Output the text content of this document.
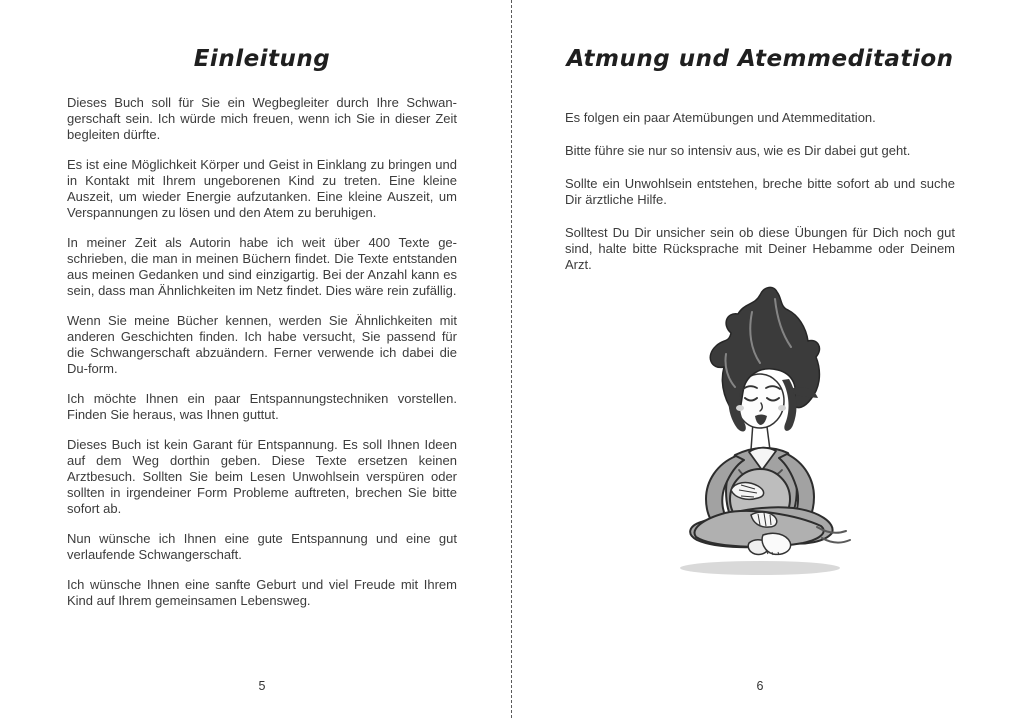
Einleitung

Dieses Buch soll für Sie ein Wegbegleiter durch Ihre Schwangerschaft sein. Ich würde mich freuen, wenn ich Sie in dieser Zeit begleiten dürfte.

Es ist eine Möglichkeit Körper und Geist in Einklang zu bringen und in Kontakt mit Ihrem ungeborenen Kind zu treten. Eine kleine Auszeit, um wieder Energie aufzutanken. Eine kleine Auszeit, um Verspannungen zu lösen und den Atem zu beruhigen.

In meiner Zeit als Autorin habe ich weit über 400 Texte geschrieben, die man in meinen Büchern findet. Die Texte entstanden aus meinen Gedanken und sind einzigartig. Bei der Anzahl kann es sein, dass man Ähnlichkeiten im Netz findet. Dies wäre rein zufällig.

Wenn Sie meine Bücher kennen, werden Sie Ähnlichkeiten mit anderen Geschichten finden. Ich habe versucht, Sie passend für die Schwangerschaft abzuändern. Ferner verwende ich dabei die Du-form.

Ich möchte Ihnen ein paar Entspannungstechniken vorstellen. Finden Sie heraus, was Ihnen guttut.

Dieses Buch ist kein Garant für Entspannung. Es soll Ihnen Ideen auf dem Weg dorthin geben. Diese Texte ersetzen keinen Arztbesuch. Sollten Sie beim Lesen Unwohlsein verspüren oder sollten in irgendeiner Form Probleme auftreten, brechen Sie bitte sofort ab.

Nun wünsche ich Ihnen eine gute Entspannung und eine gut verlaufende Schwangerschaft.

Ich wünsche Ihnen eine sanfte Geburt und viel Freude mit Ihrem Kind auf Ihrem gemeinsamen Lebensweg.

Atmung und Atemmeditation

Es folgen ein paar Atemübungen und Atemmeditation.

Bitte führe sie nur so intensiv aus, wie es Dir dabei gut geht.

Sollte ein Unwohlsein entstehen, breche bitte sofort ab und suche Dir ärztliche Hilfe.

Solltest Du Dir unsicher sein ob diese Übungen für Dich noch gut sind, halte bitte Rücksprache mit Deiner Hebamme oder Deinem Arzt.

5	6
